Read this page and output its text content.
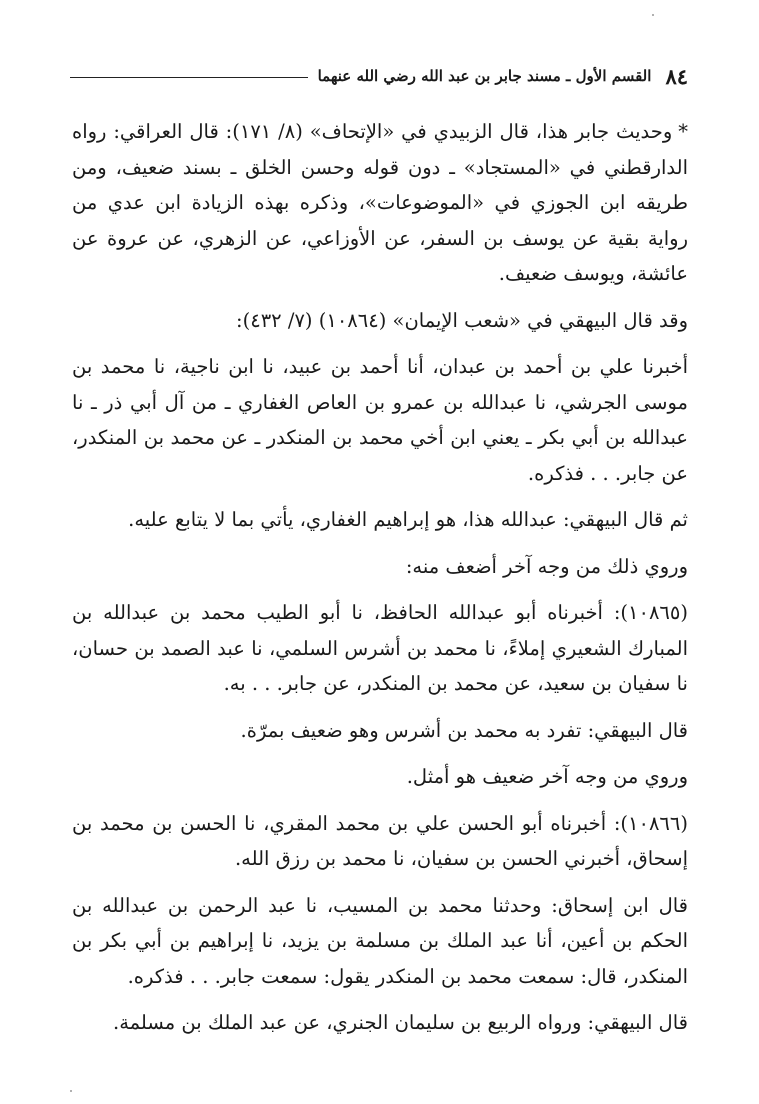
٨٤
القسم الأول ـ مسند جابر بن عبد الله رضي الله عنهما

*وحديث جابر هذا، قال الزبيدي في «الإتحاف» (٨/ ١٧١): قال العراقي: رواه الدارقطني في «المستجاد» ـ دون قوله وحسن الخلق ـ بسند ضعيف، ومن طريقه ابن الجوزي في «الموضوعات»، وذكره بهذه الزيادة ابن عدي من رواية بقية عن يوسف بن السفر، عن الأوزاعي، عن الزهري، عن عروة عن عائشة، ويوسف ضعيف.

وقد قال البيهقي في «شعب الإيمان» (١٠٨٦٤) (٧/ ٤٣٢):

أخبرنا علي بن أحمد بن عبدان، أنا أحمد بن عبيد، نا ابن ناجية، نا محمد بن موسى الجرشي، نا عبدالله بن عمرو بن العاص الغفاري ـ من آل أبي ذر ـ نا عبدالله بن أبي بكر ـ يعني ابن أخي محمد بن المنكدر ـ عن محمد بن المنكدر، عن جابر. . . فذكره.

ثم قال البيهقي: عبدالله هذا، هو إبراهيم الغفاري، يأتي بما لا يتابع عليه.

وروي ذلك من وجه آخر أضعف منه:

(١٠٨٦٥): أخبرناه أبو عبدالله الحافظ، نا أبو الطيب محمد بن عبدالله بن المبارك الشعيري إملاءً، نا محمد بن أشرس السلمي، نا عبد الصمد بن حسان، نا سفيان بن سعيد، عن محمد بن المنكدر، عن جابر. . . به.

قال البيهقي: تفرد به محمد بن أشرس وهو ضعيف بمرّة.

وروي من وجه آخر ضعيف هو أمثل.

(١٠٨٦٦): أخبرناه أبو الحسن علي بن محمد المقري، نا الحسن بن محمد بن إسحاق، أخبرني الحسن بن سفيان، نا محمد بن رزق الله.

قال ابن إسحاق: وحدثنا محمد بن المسيب، نا عبد الرحمن بن عبدالله بن الحكم بن أعين، أنا عبد الملك بن مسلمة بن يزيد، نا إبراهيم بن أبي بكر بن المنكدر، قال: سمعت محمد بن المنكدر يقول: سمعت جابر. . . فذكره.

قال البيهقي: ورواه الربيع بن سليمان الجنري، عن عبد الملك بن مسلمة.
